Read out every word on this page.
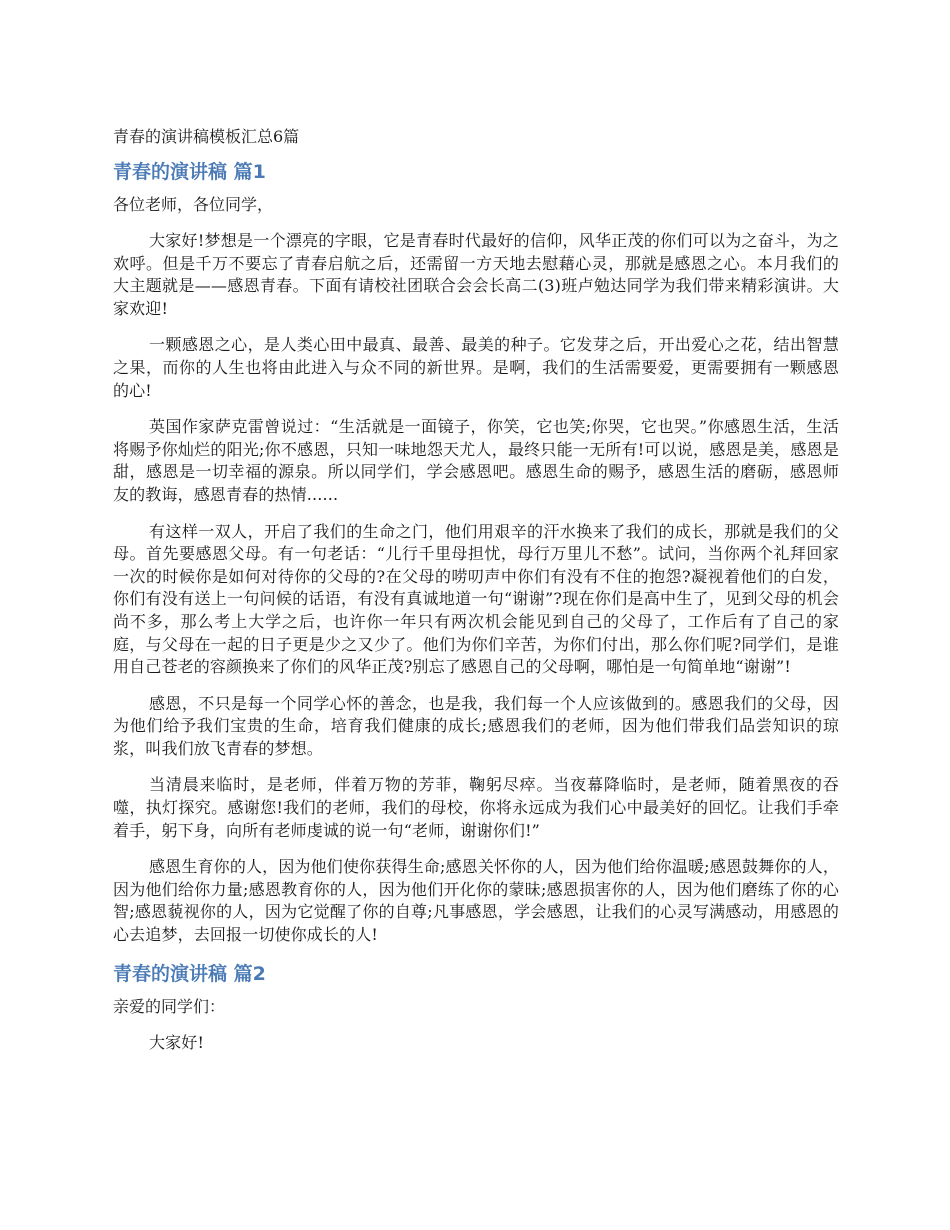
青春的演讲稿模板汇总6篇
青春的演讲稿 篇1
各位老师，各位同学，

大家好!梦想是一个漂亮的字眼，它是青春时代最好的信仰，风华正茂的你们可以为之奋斗，为之欢呼。但是千万不要忘了青春启航之后，还需留一方天地去慰藉心灵，那就是感恩之心。本月我们的大主题就是——感恩青春。下面有请校社团联合会会长高二(3)班卢勉达同学为我们带来精彩演讲。大家欢迎!

一颗感恩之心，是人类心田中最真、最善、最美的种子。它发芽之后，开出爱心之花，结出智慧之果，而你的人生也将由此进入与众不同的新世界。是啊，我们的生活需要爱，更需要拥有一颗感恩的心!

英国作家萨克雷曾说过：“生活就是一面镜子，你笑，它也笑;你哭，它也哭。”你感恩生活，生活将赐予你灿烂的阳光;你不感恩，只知一味地怨天尤人，最终只能一无所有!可以说，感恩是美，感恩是甜，感恩是一切幸福的源泉。所以同学们，学会感恩吧。感恩生命的赐予，感恩生活的磨砺，感恩师友的教诲，感恩青春的热情......

有这样一双人，开启了我们的生命之门，他们用艰辛的汗水换来了我们的成长，那就是我们的父母。首先要感恩父母。有一句老话：“儿行千里母担忧，母行万里儿不愁”。试问，当你两个礼拜回家一次的时候你是如何对待你的父母的?在父母的唠叨声中你们有没有不住的抱怨?凝视着他们的白发，你们有没有送上一句问候的话语，有没有真诚地道一句“谢谢”?现在你们是高中生了，见到父母的机会尚不多，那么考上大学之后，也许你一年只有两次机会能见到自己的父母了，工作后有了自己的家庭，与父母在一起的日子更是少之又少了。他们为你们辛苦，为你们付出，那么你们呢?同学们，是谁用自己苍老的容颜换来了你们的风华正茂?别忘了感恩自己的父母啊，哪怕是一句简单地“谢谢”!

感恩，不只是每一个同学心怀的善念，也是我，我们每一个人应该做到的。感恩我们的父母，因为他们给予我们宝贵的生命，培育我们健康的成长;感恩我们的老师，因为他们带我们品尝知识的琼浆，叫我们放飞青春的梦想。

当清晨来临时，是老师，伴着万物的芳菲，鞠躬尽瘁。当夜幕降临时，是老师，随着黑夜的吞噬，执灯探究。感谢您!我们的老师，我们的母校，你将永远成为我们心中最美好的回忆。让我们手牵着手，躬下身，向所有老师虔诚的说一句“老师，谢谢你们!”

感恩生育你的人，因为他们使你获得生命;感恩关怀你的人，因为他们给你温暖;感恩鼓舞你的人，因为他们给你力量;感恩教育你的人，因为他们开化你的蒙昧;感恩损害你的人，因为他们磨练了你的心智;感恩藐视你的人，因为它觉醒了你的自尊;凡事感恩，学会感恩，让我们的心灵写满感动，用感恩的心去追梦，去回报一切使你成长的人!

青春的演讲稿 篇2
亲爱的同学们：

大家好!
